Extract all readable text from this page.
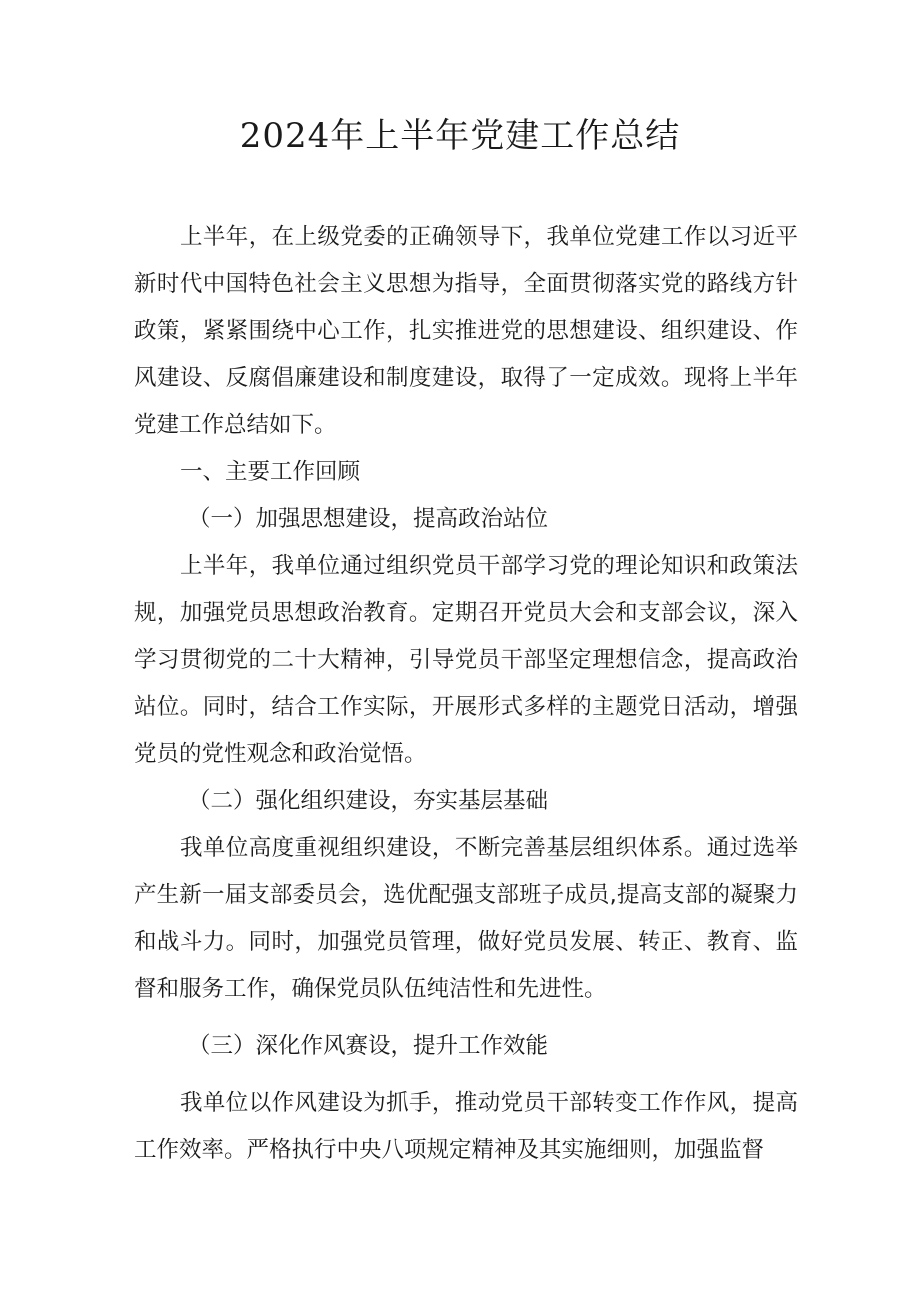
2024年上半年党建工作总结

上半年，在上级党委的正确领导下，我单位党建工作以习近平新时代中国特色社会主义思想为指导，全面贯彻落实党的路线方针政策，紧紧围绕中心工作，扎实推进党的思想建设、组织建设、作风建设、反腐倡廉建设和制度建设，取得了一定成效。现将上半年党建工作总结如下。

一、主要工作回顾

（一）加强思想建设，提高政治站位

上半年，我单位通过组织党员干部学习党的理论知识和政策法规，加强党员思想政治教育。定期召开党员大会和支部会议，深入学习贯彻党的二十大精神，引导党员干部坚定理想信念，提高政治站位。同时，结合工作实际，开展形式多样的主题党日活动，增强党员的党性观念和政治觉悟。

（二）强化组织建设，夯实基层基础

我单位高度重视组织建设，不断完善基层组织体系。通过选举产生新一届支部委员会，选优配强支部班子成员,提高支部的凝聚力和战斗力。同时，加强党员管理，做好党员发展、转正、教育、监督和服务工作，确保党员队伍纯洁性和先进性。

（三）深化作风赛设，提升工作效能

我单位以作风建设为抓手，推动党员干部转变工作作风，提高工作效率。严格执行中央八项规定精神及其实施细则，加强监督
